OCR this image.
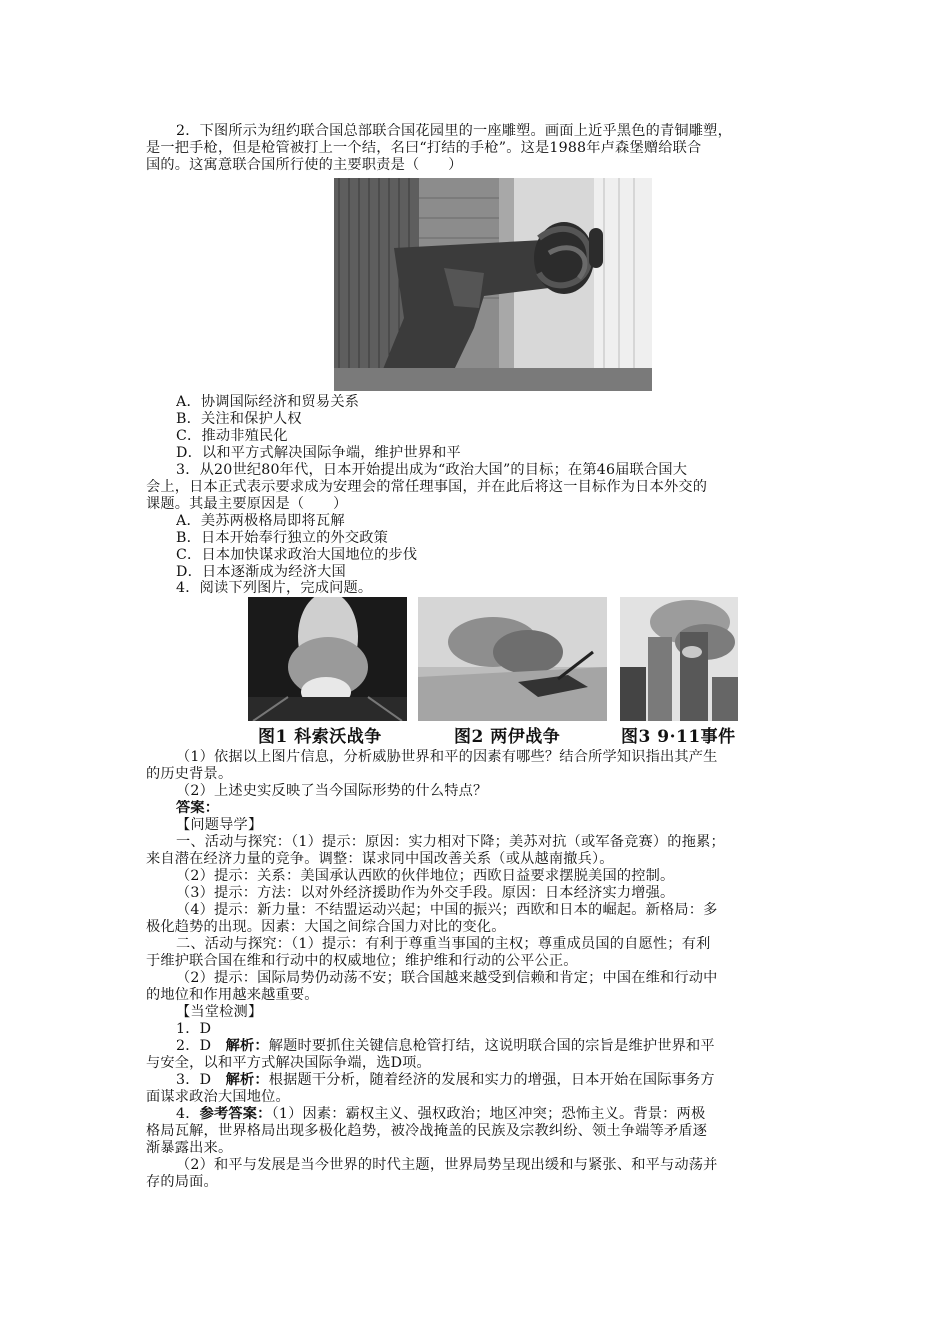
2．下图所示为纽约联合国总部联合国花园里的一座雕塑。画面上近乎黑色的青铜雕塑，
是一把手枪，但是枪管被打上一个结，名曰“打结的手枪”。这是1988年卢森堡赠给联合
国的。这寓意联合国所行使的主要职责是（　　）
A．协调国际经济和贸易关系
B．关注和保护人权
C．推动非殖民化
D．以和平方式解决国际争端，维护世界和平
3．从20世纪80年代，日本开始提出成为“政治大国”的目标；在第46届联合国大
会上，日本正式表示要求成为安理会的常任理事国，并在此后将这一目标作为日本外交的
课题。其最主要原因是（　　）
A．美苏两极格局即将瓦解
B．日本开始奉行独立的外交政策
C．日本加快谋求政治大国地位的步伐
D．日本逐渐成为经济大国
4．阅读下列图片，完成问题。
图1 科索沃战争	图2 两伊战争	图3 9·11事件
（1）依据以上图片信息，分析威胁世界和平的因素有哪些？结合所学知识指出其产生
的历史背景。
（2）上述史实反映了当今国际形势的什么特点？
答案：
【问题导学】
一、活动与探究：（1）提示：原因：实力相对下降；美苏对抗（或军备竞赛）的拖累；
来自潜在经济力量的竞争。调整：谋求同中国改善关系（或从越南撤兵）。
（2）提示：关系：美国承认西欧的伙伴地位；西欧日益要求摆脱美国的控制。
（3）提示：方法：以对外经济援助作为外交手段。原因：日本经济实力增强。
（4）提示：新力量：不结盟运动兴起；中国的振兴；西欧和日本的崛起。新格局：多
极化趋势的出现。因素：大国之间综合国力对比的变化。
二、活动与探究：（1）提示：有利于尊重当事国的主权；尊重成员国的自愿性；有利
于维护联合国在维和行动中的权威地位；维护维和行动的公平公正。
（2）提示：国际局势仍动荡不安；联合国越来越受到信赖和肯定；中国在维和行动中
的地位和作用越来越重要。
【当堂检测】
1．D
2．D　解析：解题时要抓住关键信息枪管打结，这说明联合国的宗旨是维护世界和平
与安全，以和平方式解决国际争端，选D项。
3．D　解析：根据题干分析，随着经济的发展和实力的增强，日本开始在国际事务方
面谋求政治大国地位。
4．参考答案：（1）因素：霸权主义、强权政治；地区冲突；恐怖主义。背景：两极
格局瓦解，世界格局出现多极化趋势，被冷战掩盖的民族及宗教纠纷、领土争端等矛盾逐
渐暴露出来。
（2）和平与发展是当今世界的时代主题，世界局势呈现出缓和与紧张、和平与动荡并
存的局面。
